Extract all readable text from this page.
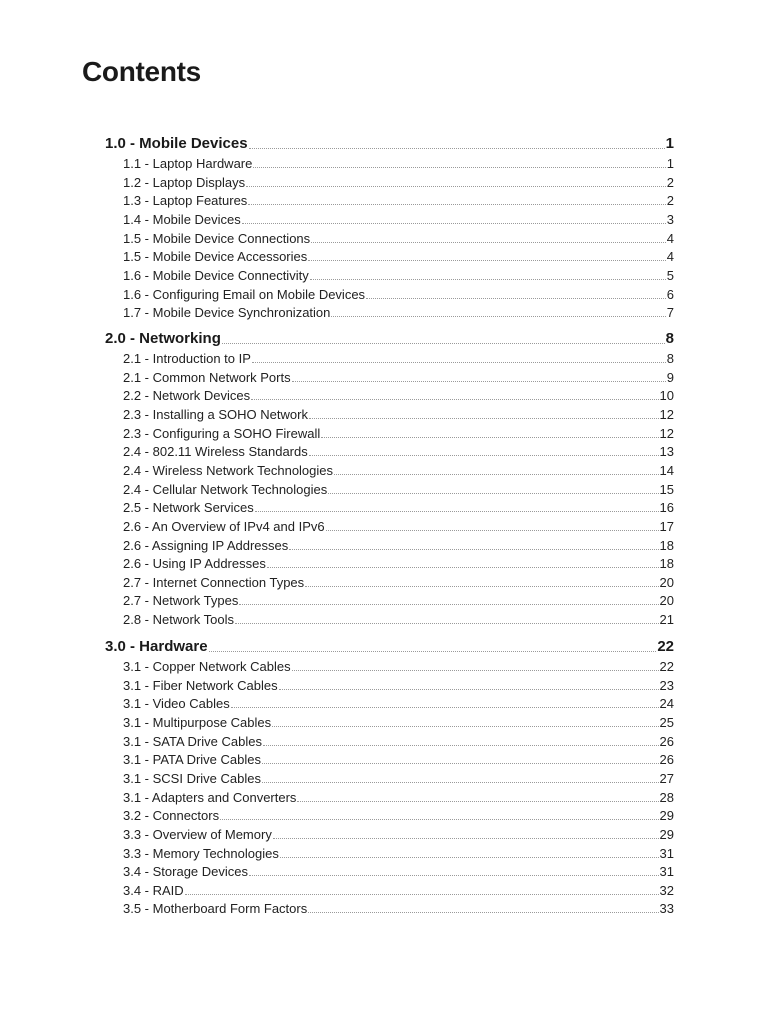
Contents
1.0 - Mobile Devices	1
1.1 - Laptop Hardware	1
1.2 - Laptop Displays	2
1.3 - Laptop Features	2
1.4 - Mobile Devices	3
1.5 - Mobile Device Connections	4
1.5 - Mobile Device Accessories	4
1.6 - Mobile Device Connectivity	5
1.6 - Configuring Email on Mobile Devices	6
1.7 - Mobile Device Synchronization	7
2.0 - Networking	8
2.1 - Introduction to IP	8
2.1 - Common Network Ports	9
2.2 - Network Devices	10
2.3 - Installing a SOHO Network	12
2.3 - Configuring a SOHO Firewall	12
2.4 - 802.11 Wireless Standards	13
2.4 - Wireless Network Technologies	14
2.4 - Cellular Network Technologies	15
2.5 - Network Services	16
2.6 - An Overview of IPv4 and IPv6	17
2.6 - Assigning IP Addresses	18
2.6 - Using IP Addresses	18
2.7 - Internet Connection Types	20
2.7 - Network Types	20
2.8 - Network Tools	21
3.0 - Hardware	22
3.1 - Copper Network Cables	22
3.1 - Fiber Network Cables	23
3.1 - Video Cables	24
3.1 - Multipurpose Cables	25
3.1 - SATA Drive Cables	26
3.1 - PATA Drive Cables	26
3.1 - SCSI Drive Cables	27
3.1 - Adapters and Converters	28
3.2 - Connectors	29
3.3 - Overview of Memory	29
3.3 - Memory Technologies	31
3.4 - Storage Devices	31
3.4 - RAID	32
3.5 - Motherboard Form Factors	33
